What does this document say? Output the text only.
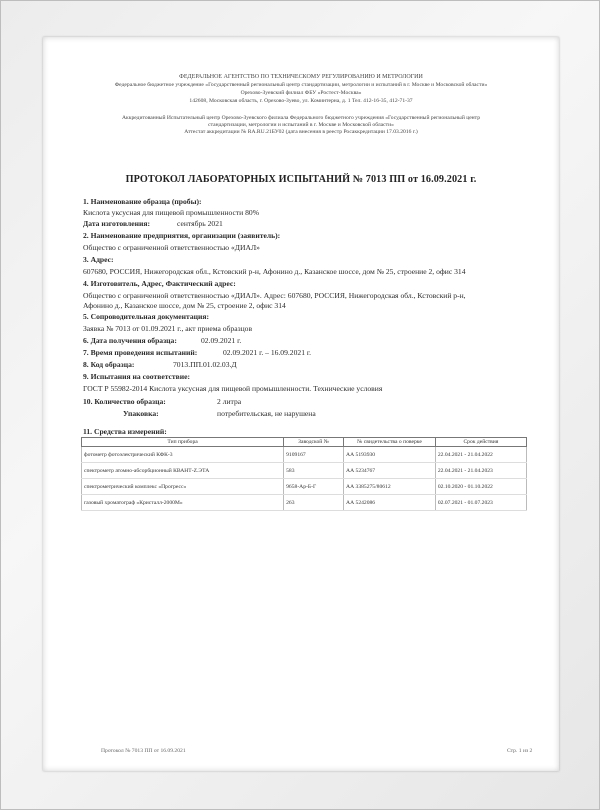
ФЕДЕРАЛЬНОЕ АГЕНТСТВО ПО ТЕХНИЧЕСКОМУ РЕГУЛИРОВАНИЮ И МЕТРОЛОГИИ
Федеральное бюджетное учреждение «Государственный региональный центр стандартизации, метрологии и испытаний в г. Москве и Московской области»
Орехово-Зуевский филиал ФБУ «Ростест-Москва»
142608, Московская область, г. Орехово-Зуево, ул. Коминтерна, д. 1 Тел. 412-16-35, 412-71-37
Аккредитованный Испытательный центр Орехово-Зуевского филиала Федерального бюджетного учреждения «Государственный региональный центр
стандартизации, метрологии и испытаний в г. Москве и Московской области»
Аттестат аккредитации № RA.RU.21БУ02 (дата внесения в реестр Росаккредитации 17.03.2016 г.)
ПРОТОКОЛ ЛАБОРАТОРНЫХ ИСПЫТАНИЙ № 7013 ПП от 16.09.2021 г.
1. Наименование образца (пробы):
Кислота уксусная для пищевой промышленности 80%
Дата изготовления:	сентябрь 2021
2. Наименование предприятия, организации (заявитель):
Общество с ограниченной ответственностью «ДИАЛ»
3. Адрес:
607680, РОССИЯ, Нижегородская обл., Кстовский р-н, Афонино д., Казанское шоссе, дом № 25, строение 2, офис 314
4. Изготовитель, Адрес, Фактический адрес:
Общество с ограниченной ответственностью «ДИАЛ». Адрес: 607680, РОССИЯ, Нижегородская обл., Кстовский р-н,
Афонино д., Казанское шоссе, дом № 25, строение 2, офис 314
5. Сопроводительная документация:
Заявка № 7013 от 01.09.2021 г., акт приема образцов
6. Дата получения образца:	02.09.2021 г.
7. Время проведения испытаний:	02.09.2021 г. – 16.09.2021 г.
8. Код образца:	7013.ПП.01.02.03.Д
9. Испытания на соответствие:
ГОСТ Р 55982-2014 Кислота уксусная для пищевой промышленности. Технические условия
10. Количество образца:	2 литра
Упаковка:	потребительская, не нарушена
11. Средства измерений:
Тип прибора	Заводской №	№ свидетельства о поверке	Срок действия
фотометр фотоэлектрический КФК-3	9109167	АА 5193930	22.04.2021 - 21.04.2022
спектрометр атомно-абсорбционный КВАНТ-Z.ЭТА	583	АА 5234767	22.04.2021 - 21.04.2023
спектрометрический комплекс «Прогресс»	9658-Ар-Б-Г	АА 3385275/80612	02.10.2020 - 01.10.2022
газовый хроматограф «Кристалл-2000М»	263	АА 5242086	02.07.2021 - 01.07.2023
Протокол № 7013 ПП от 16.09.2021	Стр. 1 из 2
